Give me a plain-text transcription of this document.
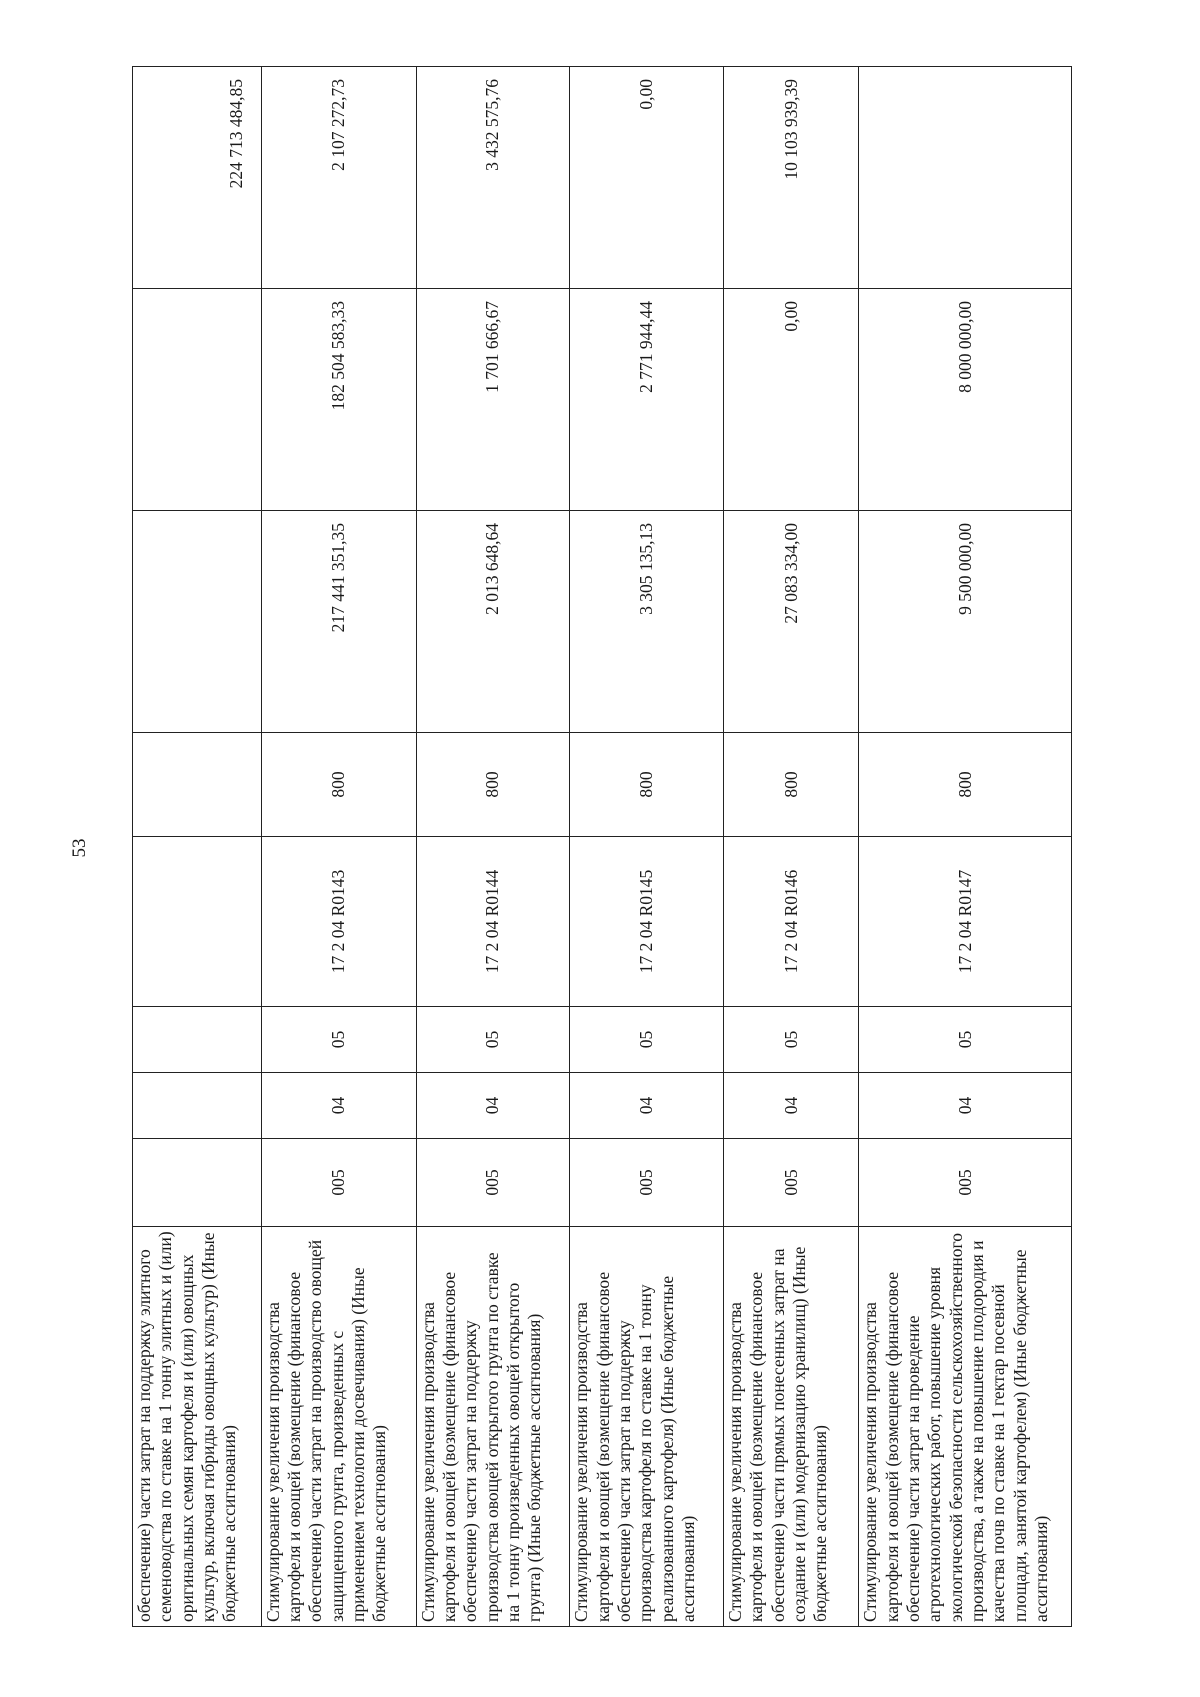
53
обеспечение) части затрат на поддержку элитного семеноводства по ставке на 1 тонну элитных и (или) оригинальных семян картофеля и (или) овощных культур, включая гибриды овощных культур) (Иные бюджетные ассигнования)								224 713 484,85
Стимулирование увеличения производства картофеля и овощей (возмещение (финансовое обеспечение) части затрат на производство овощей защищенного грунта, произведенных с применением технологии досвечивания) (Иные бюджетные ассигнования)	005	04	05	17 2 04 R0143	800	217 441 351,35	182 504 583,33	2 107 272,73
Стимулирование увеличения производства картофеля и овощей (возмещение (финансовое обеспечение) части затрат на поддержку производства овощей открытого грунта по ставке на 1 тонну произведенных овощей открытого грунта) (Иные бюджетные ассигнования)	005	04	05	17 2 04 R0144	800	2 013 648,64	1 701 666,67	3 432 575,76
Стимулирование увеличения производства картофеля и овощей (возмещение (финансовое обеспечение) части затрат на поддержку производства картофеля по ставке на 1 тонну реализованного картофеля) (Иные бюджетные ассигнования)	005	04	05	17 2 04 R0145	800	3 305 135,13	2 771 944,44	0,00
Стимулирование увеличения производства картофеля и овощей (возмещение (финансовое обеспечение) части прямых понесенных затрат на создание и (или) модернизацию хранилищ) (Иные бюджетные ассигнования)	005	04	05	17 2 04 R0146	800	27 083 334,00	0,00	10 103 939,39
Стимулирование увеличения производства картофеля и овощей (возмещение (финансовое обеспечение) части затрат на проведение агротехнологических работ, повышение уровня экологической безопасности сельскохозяйственного производства, а также на повышение плодородия и качества почв по ставке на 1 гектар посевной площади, занятой картофелем) (Иные бюджетные ассигнования)	005	04	05	17 2 04 R0147	800	9 500 000,00	8 000 000,00	
